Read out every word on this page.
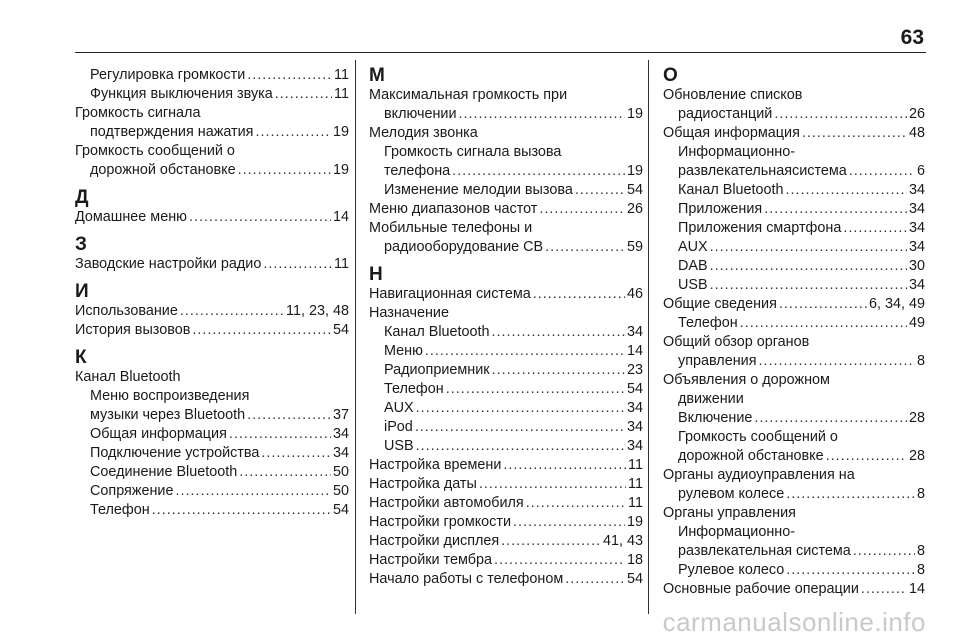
63
Регулировка громкости .....	11
Функция выключения звука .....	11
Громкость сигнала
подтверждения нажатия .....	19
Громкость сообщений о
дорожной обстановке .....	19
Д
Домашнее меню .....	14
З
Заводские настройки радио .....	11
И
Использование .....	11, 23, 48
История вызовов .....	54
К
Канал Bluetooth
Меню воспроизведения
музыки через Bluetooth .....	37
Общая информация .....	34
Подключение устройства .....	34
Соединение Bluetooth .....	50
Сопряжение .....	50
Телефон .....	54
М
Максимальная громкость при
включении .....	19
Мелодия звонка
Громкость сигнала вызова
телефона .....	19
Изменение мелодии вызова .....	54
Меню диапазонов частот .....	26
Мобильные телефоны и
радиооборудование СВ .....	59
Н
Навигационная система .....	46
Назначение
Канал Bluetooth .....	34
Меню .....	14
Радиоприемник .....	23
Телефон .....	54
AUX .....	34
iPod .....	34
USB .....	34
Настройка времени .....	11
Настройка даты .....	11
Настройки автомобиля .....	11
Настройки громкости .....	19
Настройки дисплея .....	41, 43
Настройки тембра .....	18
Начало работы с телефоном .....	54
О
Обновление списков
радиостанций .....	26
Общая информация .....	48
Информационно-
развлекательнаясистема .....	6
Канал Bluetooth .....	34
Приложения .....	34
Приложения смартфона .....	34
AUX .....	34
DAB .....	30
USB .....	34
Общие сведения .....	6, 34, 49
Телефон .....	49
Общий обзор органов
управления .....	8
Объявления о дорожном
движении
Включение .....	28
Громкость сообщений о
дорожной обстановке .....	28
Органы аудиоуправления на
рулевом колесе .....	8
Органы управления
Информационно-
развлекательная система .....	8
Рулевое колесо .....	8
Основные рабочие операции .....	14
carmanualsonline.info
